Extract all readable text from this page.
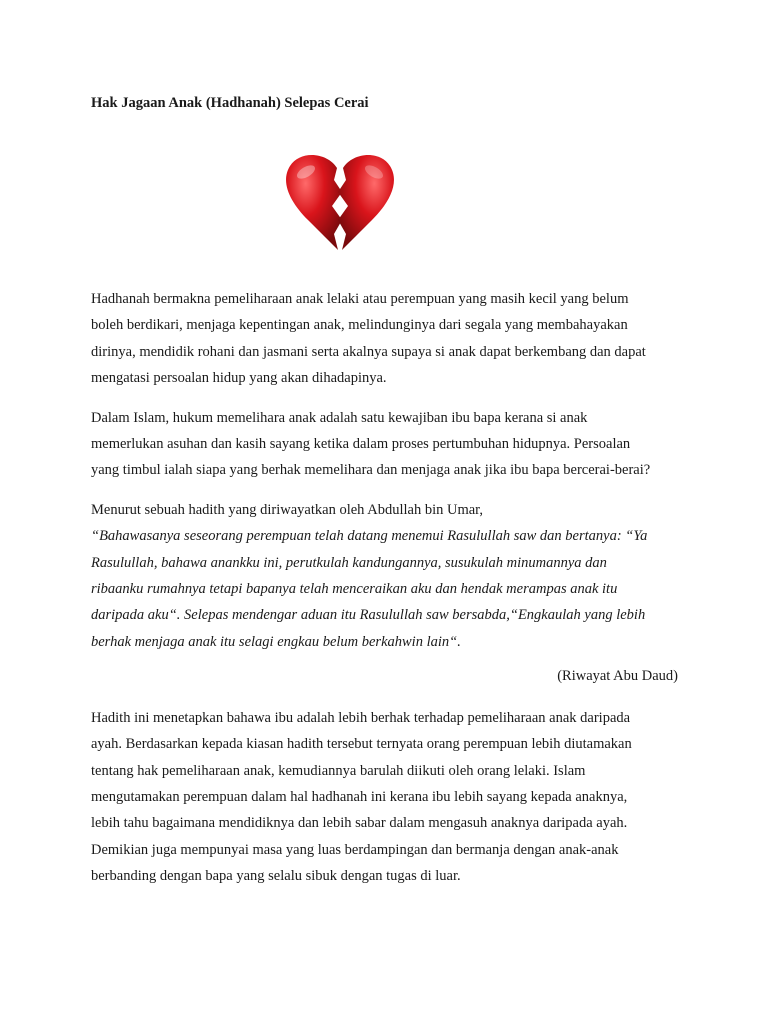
Hak Jagaan Anak (Hadhanah) Selepas Cerai
Hadhanah bermakna pemeliharaan anak lelaki atau perempuan yang masih kecil yang belum
boleh berdikari, menjaga kepentingan anak, melindunginya dari segala yang membahayakan
dirinya, mendidik rohani dan jasmani serta akalnya supaya si anak dapat berkembang dan dapat
mengatasi persoalan hidup yang akan dihadapinya.
Dalam Islam, hukum memelihara anak adalah satu kewajiban ibu bapa kerana si anak
memerlukan asuhan dan kasih sayang ketika dalam proses pertumbuhan hidupnya. Persoalan
yang timbul ialah siapa yang berhak memelihara dan menjaga anak jika ibu bapa bercerai-berai?
Menurut sebuah hadith yang diriwayatkan oleh Abdullah bin Umar,
“Bahawasanya seseorang perempuan telah datang menemui Rasulullah saw dan bertanya: “Ya
Rasulullah, bahawa anankku ini, perutkulah kandungannya, susukulah minumannya dan
ribaanku rumahnya tetapi bapanya telah menceraikan aku dan hendak merampas anak itu
daripada aku“. Selepas mendengar aduan itu Rasulullah saw bersabda,“Engkaulah yang lebih
berhak menjaga anak itu selagi engkau belum berkahwin lain“.
(Riwayat Abu Daud)
Hadith ini menetapkan bahawa ibu adalah lebih berhak terhadap pemeliharaan anak daripada
ayah. Berdasarkan kepada kiasan hadith tersebut ternyata orang perempuan lebih diutamakan
tentang hak pemeliharaan anak, kemudiannya barulah diikuti oleh orang lelaki. Islam
mengutamakan perempuan dalam hal hadhanah ini kerana ibu lebih sayang kepada anaknya,
lebih tahu bagaimana mendidiknya dan lebih sabar dalam mengasuh anaknya daripada ayah.
Demikian juga mempunyai masa yang luas berdampingan dan bermanja dengan anak-anak
berbanding dengan bapa yang selalu sibuk dengan tugas di luar.
